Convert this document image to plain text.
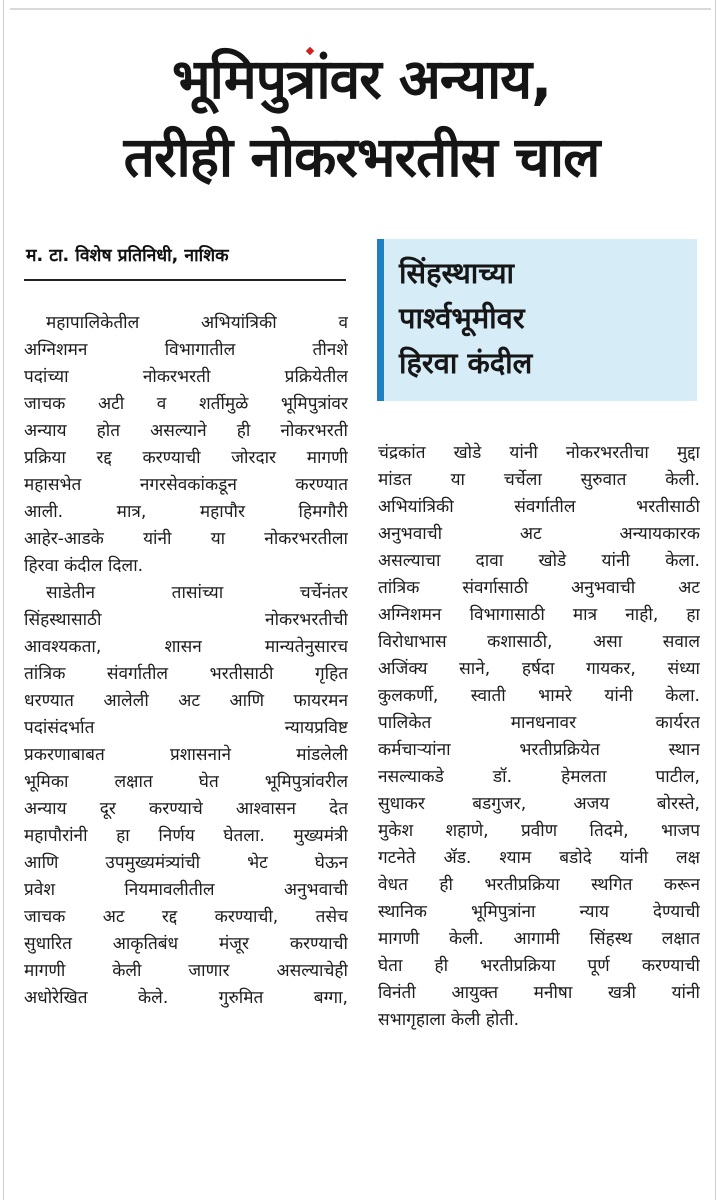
भूमिपुत्रांवर अन्याय,
तरीही नोकरभरतीस चाल
म. टा. विशेष प्रतिनिधी, नाशिक	सिंहस्थाच्या
पार्श्वभूमीवर
हिरवा कंदील
महापालिकेतील अभियांत्रिकी व
अग्निशमन विभागातील तीनशे
पदांच्या नोकरभरती प्रक्रियेतील
जाचक अटी व शर्तीमुळे भूमिपुत्रांवर
अन्याय होत असल्याने ही नोकरभरती
प्रक्रिया रद्द करण्याची जोरदार मागणी
महासभेत नगरसेवकांकडून करण्यात
आली. मात्र, महापौर हिमगौरी
आहेर-आडके यांनी या नोकरभरतीला
हिरवा कंदील दिला.
साडेतीन तासांच्या चर्चेनंतर
सिंहस्थासाठी नोकरभरतीची
आवश्यकता, शासन मान्यतेनुसारच
तांत्रिक संवर्गातील भरतीसाठी गृहित
धरण्यात आलेली अट आणि फायरमन
पदांसंदर्भात न्यायप्रविष्ट
प्रकरणाबाबत प्रशासनाने मांडलेली
भूमिका लक्षात घेत भूमिपुत्रांवरील
अन्याय दूर करण्याचे आश्वासन देत
महापौरांनी हा निर्णय घेतला. मुख्यमंत्री
आणि उपमुख्यमंत्र्यांची भेट घेऊन
प्रवेश नियमावलीतील अनुभवाची
जाचक अट रद्द करण्याची, तसेच
सुधारित आकृतिबंध मंजूर करण्याची
मागणी केली जाणार असल्याचेही
अधोरेखित केले. गुरुमित बग्गा,
चंद्रकांत खोडे यांनी नोकरभरतीचा मुद्दा
मांडत या चर्चेला सुरुवात केली.
अभियांत्रिकी संवर्गातील भरतीसाठी
अनुभवाची अट अन्यायकारक
असल्याचा दावा खोडे यांनी केला.
तांत्रिक संवर्गासाठी अनुभवाची अट
अग्निशमन विभागासाठी मात्र नाही, हा
विरोधाभास कशासाठी, असा सवाल
अजिंक्य साने, हर्षदा गायकर, संध्या
कुलकर्णी, स्वाती भामरे यांनी केला.
पालिकेत मानधनावर कार्यरत
कर्मचाऱ्यांना भरतीप्रक्रियेत स्थान
नसल्याकडे डॉ. हेमलता पाटील,
सुधाकर बडगुजर, अजय बोरस्ते,
मुकेश शहाणे, प्रवीण तिदमे, भाजप
गटनेते ॲड. श्याम बडोदे यांनी लक्ष
वेधत ही भरतीप्रक्रिया स्थगित करून
स्थानिक भूमिपुत्रांना न्याय देण्याची
मागणी केली. आगामी सिंहस्थ लक्षात
घेता ही भरतीप्रक्रिया पूर्ण करण्याची
विनंती आयुक्त मनीषा खत्री यांनी
सभागृहाला केली होती.
